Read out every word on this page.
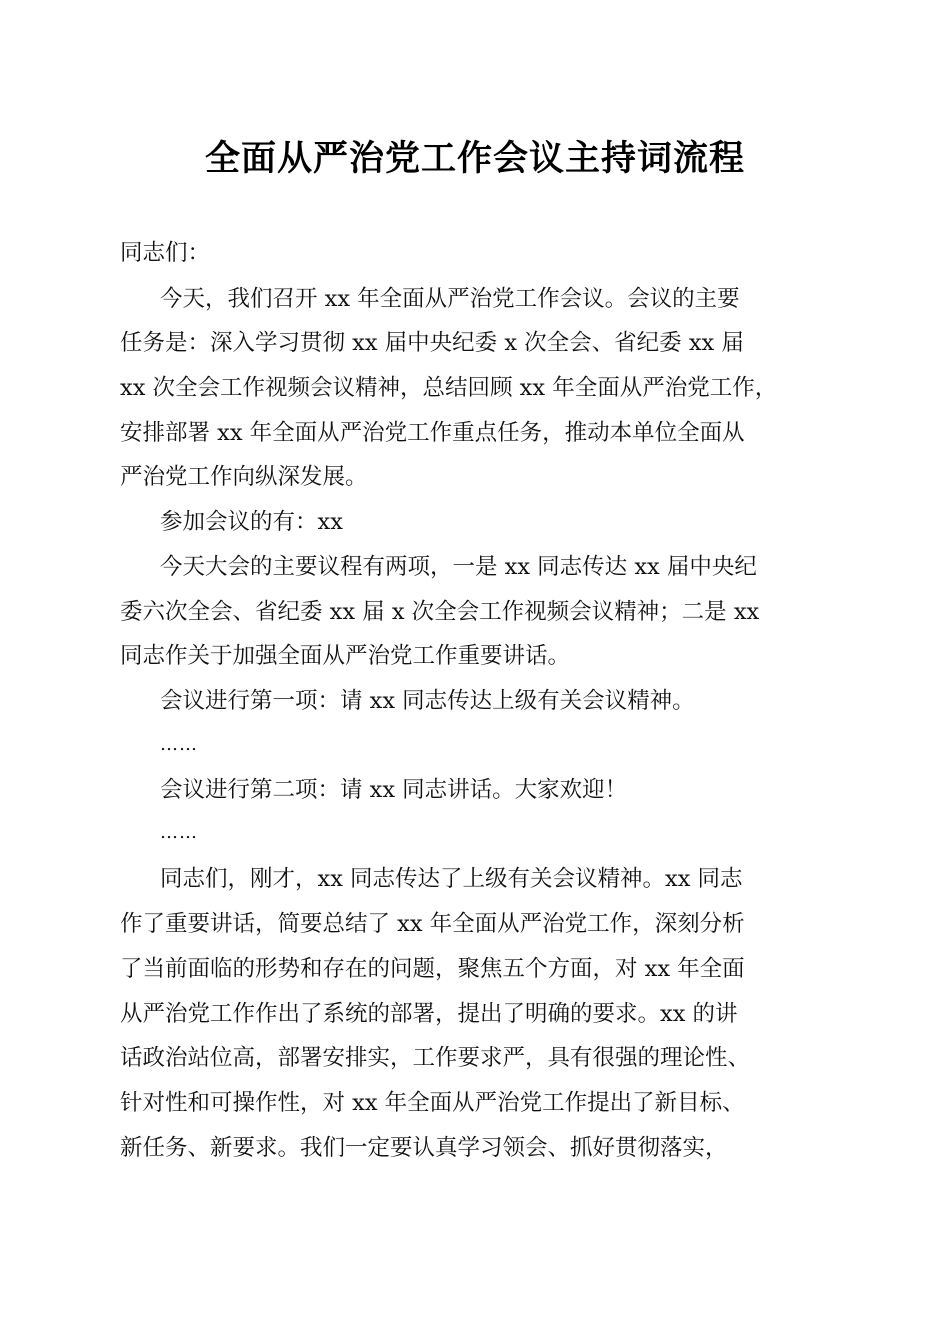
全面从严治党工作会议主持词流程
同志们：
今天，我们召开 xx 年全面从严治党工作会议。会议的主要
任务是：深入学习贯彻 xx 届中央纪委 x 次全会、省纪委 xx 届
xx 次全会工作视频会议精神，总结回顾 xx 年全面从严治党工作，
安排部署 xx 年全面从严治党工作重点任务，推动本单位全面从
严治党工作向纵深发展。
参加会议的有：xx
今天大会的主要议程有两项，一是 xx 同志传达 xx 届中央纪
委六次全会、省纪委 xx 届 x 次全会工作视频会议精神；二是 xx
同志作关于加强全面从严治党工作重要讲话。
会议进行第一项：请 xx 同志传达上级有关会议精神。
……
会议进行第二项：请 xx 同志讲话。大家欢迎！
……
同志们，刚才，xx 同志传达了上级有关会议精神。xx 同志
作了重要讲话，简要总结了 xx 年全面从严治党工作，深刻分析
了当前面临的形势和存在的问题，聚焦五个方面，对 xx 年全面
从严治党工作作出了系统的部署，提出了明确的要求。xx 的讲
话政治站位高，部署安排实，工作要求严，具有很强的理论性、
针对性和可操作性，对 xx 年全面从严治党工作提出了新目标、
新任务、新要求。我们一定要认真学习领会、抓好贯彻落实，
